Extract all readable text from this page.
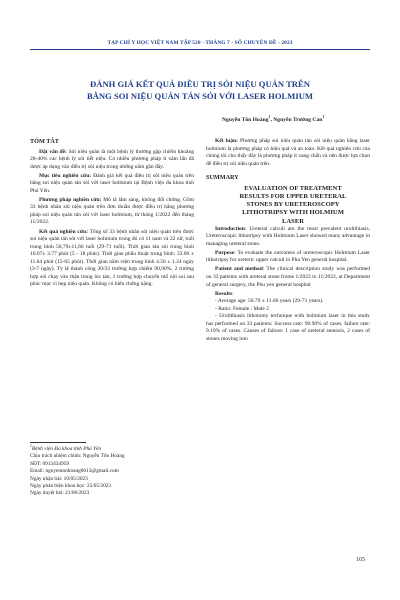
TẠP CHÍ Y HỌC VIỆT NAM TẬP 528 - THÁNG 7 - SỐ CHUYÊN ĐỀ - 2023
ĐÁNH GIÁ KẾT QUẢ ĐIỀU TRỊ SỎI NIỆU QUẢN TRÊN
BẰNG SOI NIỆU QUẢN TÁN SỎI VỚI LASER HOLMIUM
Nguyễn Tôn Hoàng$^1$, Nguyễn Trường Can$^1$

TÓM TẮT

Đặt vấn đề: Sỏi niệu quản là một bệnh lý thường gặp chiếm khoảng 28-40% các bệnh lý sỏi tiết niệu. Có nhiều phương pháp ít xâm lấn đã được áp dụng vào điều trị sỏi niệu trong những năm gần đây.

Mục tiêu nghiên cứu: Đánh giá kết quả điều trị sỏi niệu quản trên bằng soi niệu quản tán sỏi với laser holmium tại Bệnh viện đa khoa tỉnh Phú Yên.

Phương pháp nghiên cứu: Mô tả lâm sàng, không đối chứng. Gồm 33 bệnh nhân sỏi niệu quản trên đơn thuần được điều trị bằng phương pháp soi niệu quản tán sỏi với laser holmium, từ tháng 1/2022 đến tháng 11/2022.

Kết quả nghiên cứu: Tổng số 33 bệnh nhân sỏi niệu quản trên được soi niệu quản tán sỏi với laser holmium trong đó có 11 nam và 22 nữ, tuổi trung bình 50,79±11,66 tuổi (29-71 tuổi). Thời gian tán sỏi trung bình 10.07± 3.77 phút (5 - 18 phút). Thời gian phẫu thuật trung bình: 33.00 ± 11.64 phút (15-65 phút). Thời gian nằm viện trung bình 4.56 ± 1.24 ngày (3-7 ngày). Tỷ lệ thành công 30/33 trường hợp chiếm 90,90%, 2 trường hợp sỏi chạy vào thận trong lúc tán, 1 trường hợp chuyển mổ nội soi sau phúc mạc vì hẹp niệu quản. Không có biến chứng nặng.

$^1$Bệnh viện Đa khoa tỉnh Phú Yên

Chịu trách nhiệm chính: Nguyễn Tôn Hoàng

SĐT: 0913434959

Email: nguyentonhoang0613@gmail.com

Ngày nhận bài: 10/05/2023

Ngày phản biện khoa học: 25/05/2023

Ngày duyệt bài: 21/06/2023

Kết luận: Phương pháp soi niệu quản tán sỏi niệu quản bằng laser holmium là phương pháp có hiệu quả và an toàn. Kết quả nghiên cứu của chúng tôi cho thấy đây là phương pháp ít xang chấn và nên được lựa chọn để điều trị sỏi niệu quản trên.

SUMMARY

EVALUATION OF TREATMENT
RESULTS FOR UPPER URETERAL
STONES BY URETEROSCOPY
LITHOTRIPSY WITH HOLMIUM
LASER

Introduction: Ureteral calculi are the most prevalent urolithiasis. Ureteroscopic lithotripsy with Holmium Laser showed many advantage in managing ureteral stone.

Purpose: To evaluate the outcomes of ureteroscopic Holmium Laser lithotripsy for ureteric upper calculi in Phu Yen general hospital.

Patient and method: The clinical description study was performed on 33 patients with ureteral stone frome 1/2022 to 11/2022, at Department of general surgery, the Phu yen general hospital

Results:

- Average age: 50.79 ± 11.66 years (29-71 years).

- Ratio: Female / Male 2

- Urolithiasis lithotomy technique with holmium laser in this study has performed on 33 patients: Success rate: 90.90% of cases, failure rate: 9.10% of cases. Causes of failure: 1 case of ureteral stenosis, 2 cases of stones moving into

165
